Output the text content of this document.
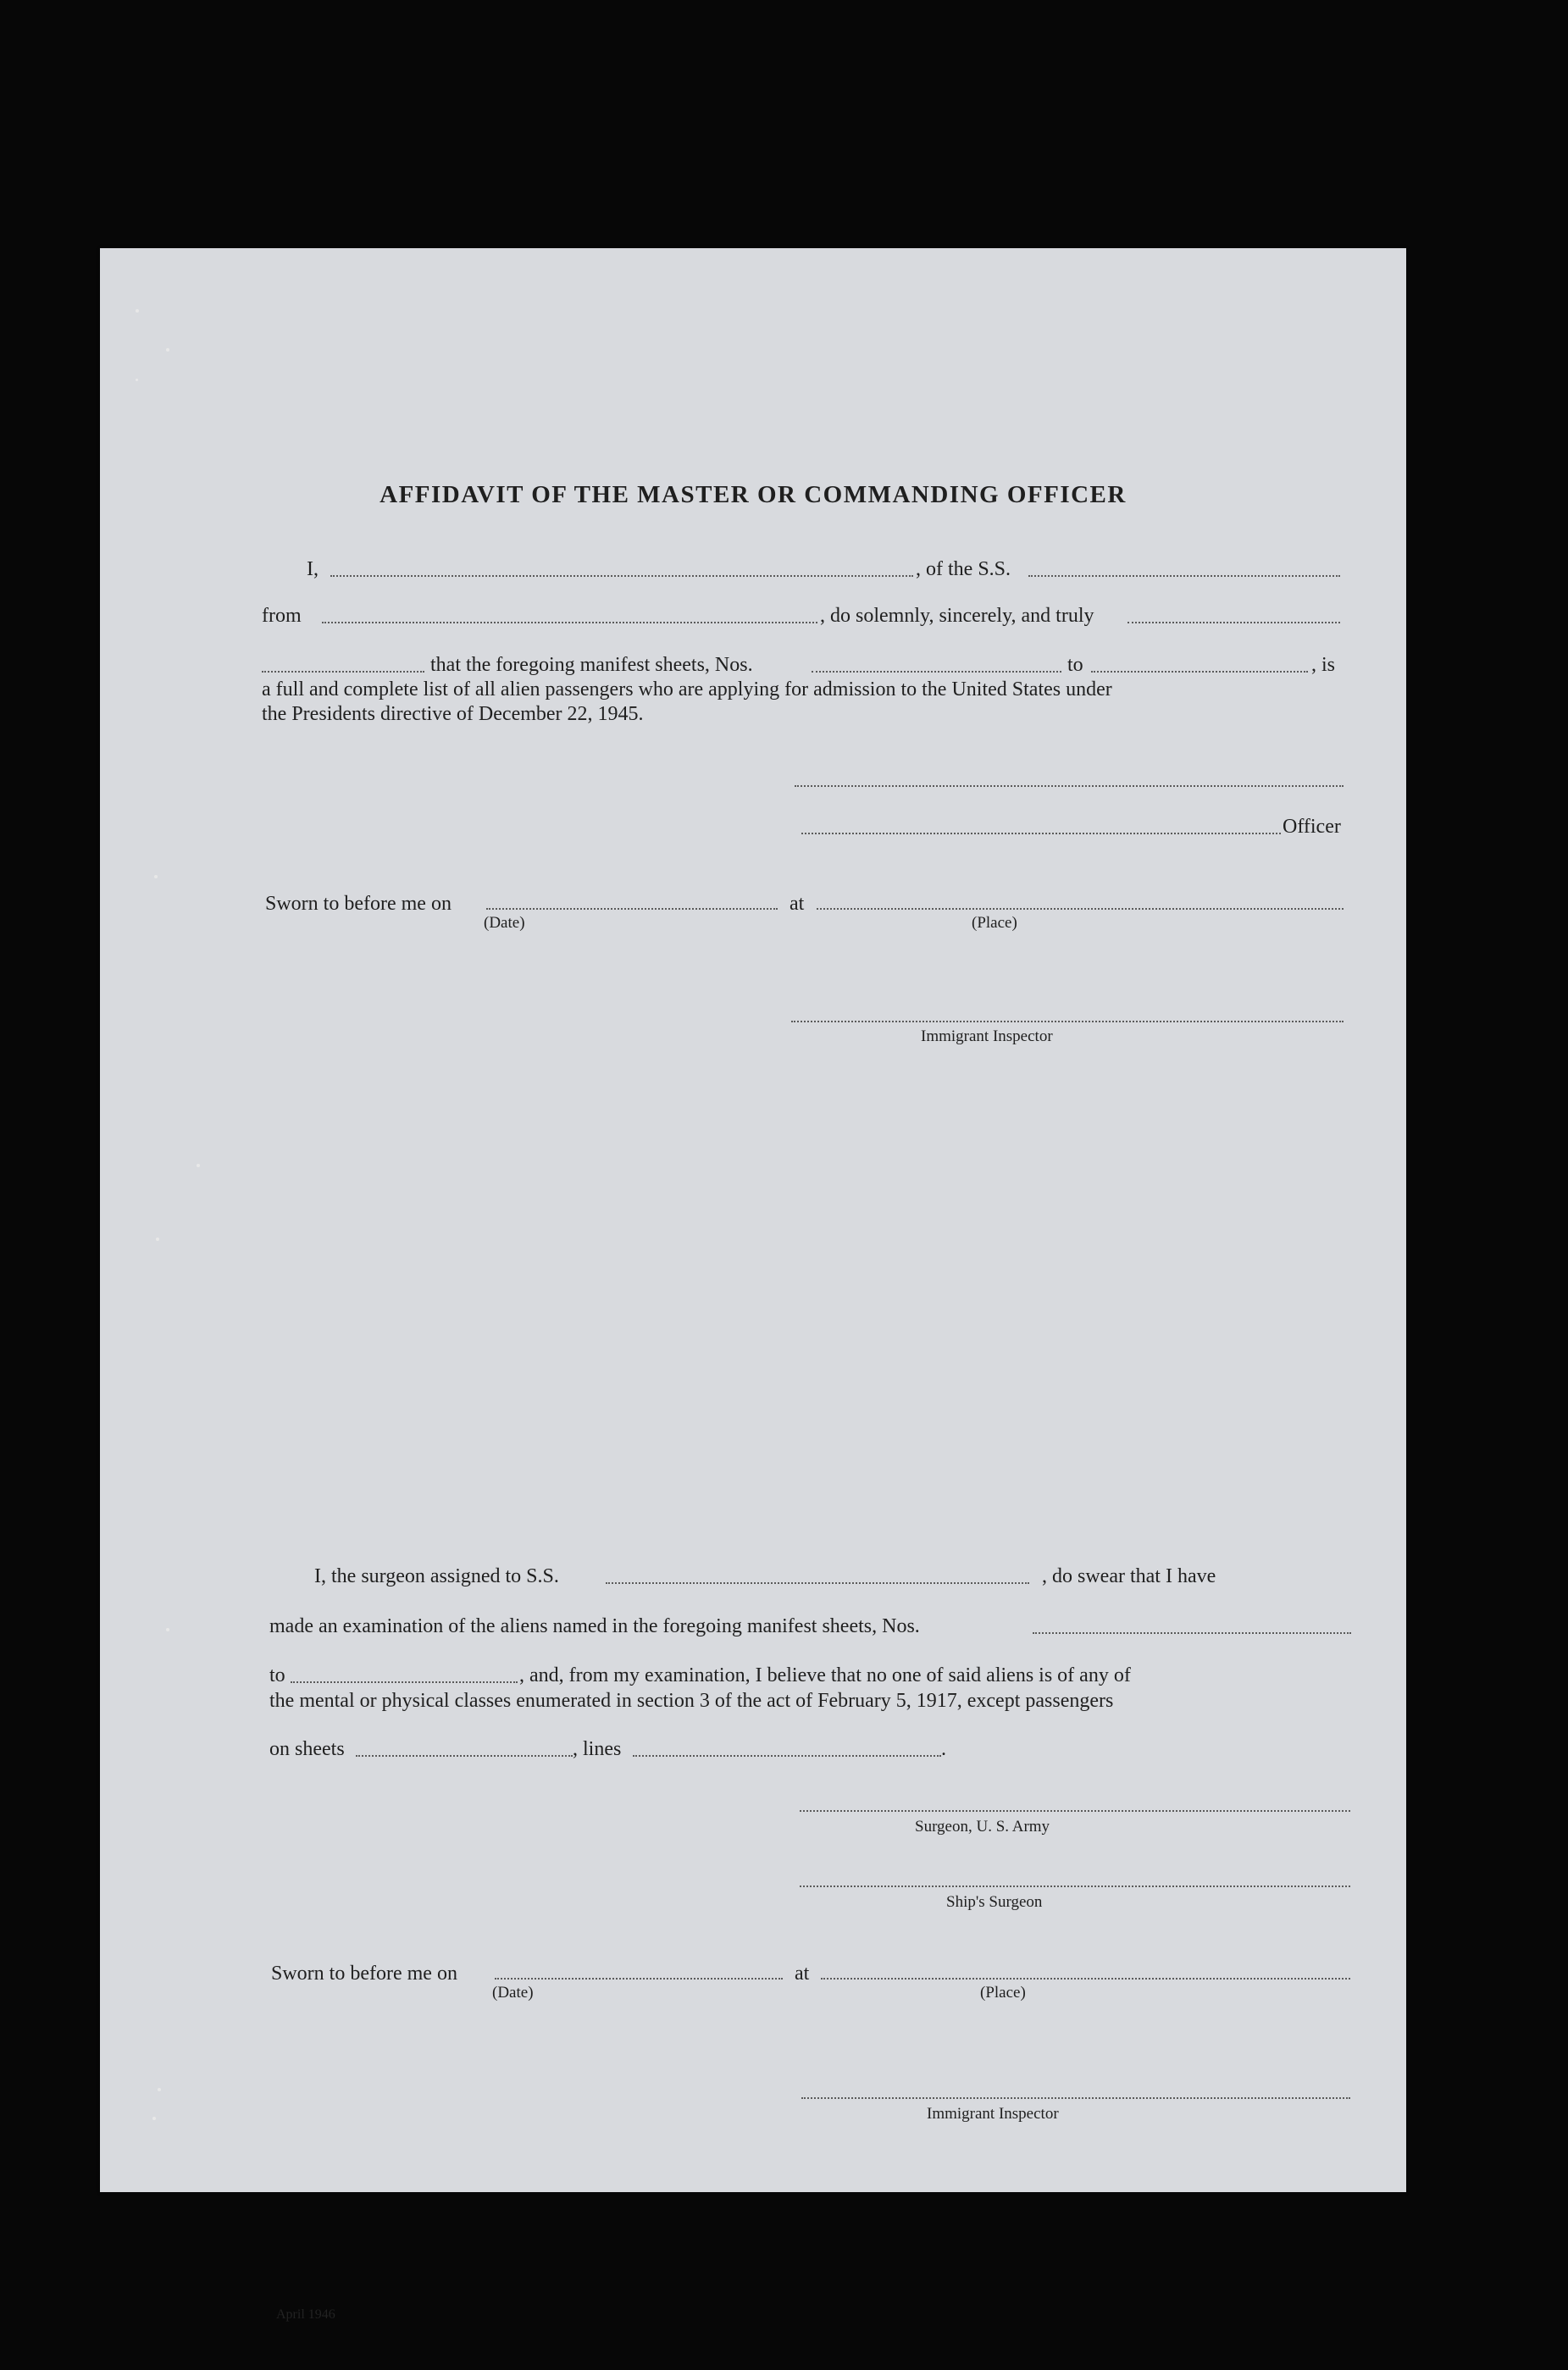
AFFIDAVIT OF THE MASTER OR COMMANDING OFFICER
I,	, of the S.S.
from	, do solemnly, sincerely, and truly
that the foregoing manifest sheets, Nos.	to	, is
a full and complete list of all alien passengers who are applying for admission to the United States under
the Presidents directive of December 22, 1945.
Officer
Sworn to before me on	at
(Date)	(Place)
Immigrant Inspector
I, the surgeon assigned to S.S.	, do swear that I have
made an examination of the aliens named in the foregoing manifest sheets, Nos.
to	, and, from my examination, I believe that no one of said aliens is of any of
the mental or physical classes enumerated in section 3 of the act of February 5, 1917, except passengers
on sheets	, lines	.
Surgeon, U. S. Army
Ship's Surgeon
Sworn to before me on	at
(Date)	(Place)
Immigrant Inspector
April 1946
